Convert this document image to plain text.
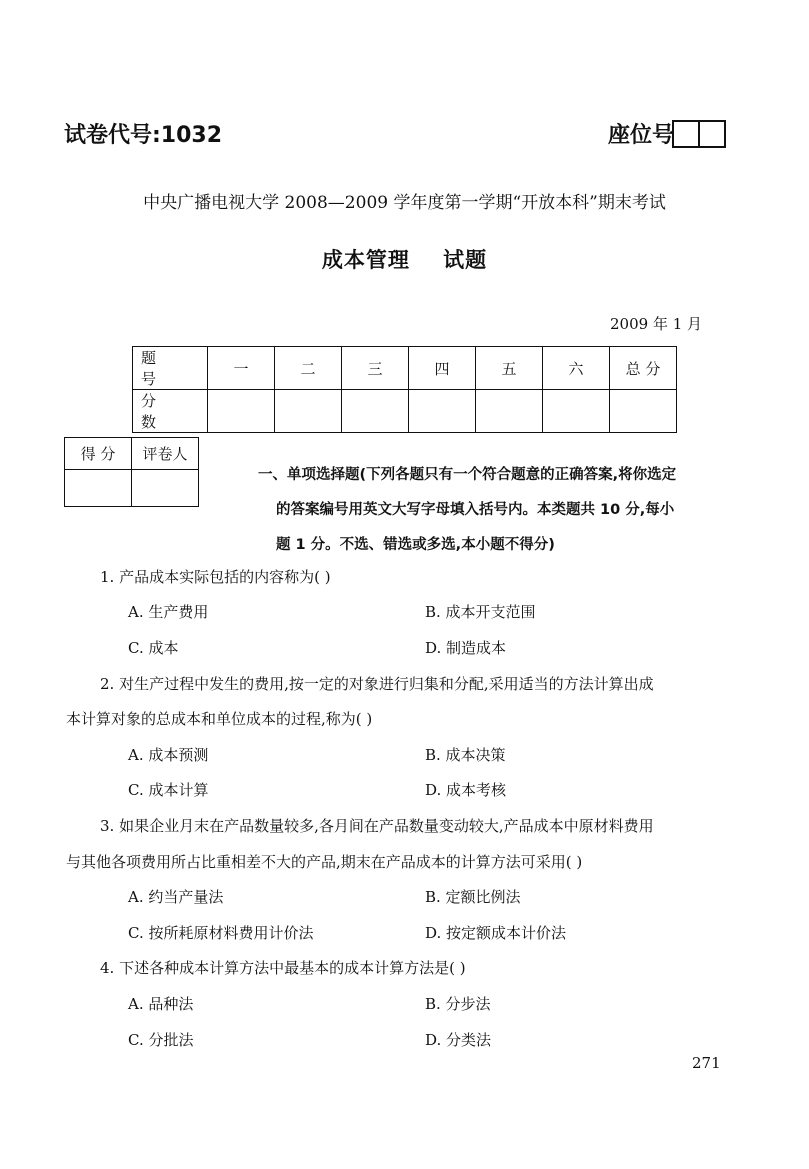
试卷代号:1032	座位号
中央广播电视大学 2008—2009 学年度第一学期“开放本科”期末考试
成本管理    试题
2009 年 1 月
题 号	一	二	三	四	五	六	总 分
分 数							
得 分	评卷人

一、单项选择题(下列各题只有一个符合题意的正确答案,将你选定
的答案编号用英文大写字母填入括号内。本类题共 10 分,每小
题 1 分。不选、错选或多选,本小题不得分)
1. 产品成本实际包括的内容称为( )
A. 生产费用	B. 成本开支范围
C. 成本	D. 制造成本
2. 对生产过程中发生的费用,按一定的对象进行归集和分配,采用适当的方法计算出成
本计算对象的总成本和单位成本的过程,称为( )
A. 成本预测	B. 成本决策
C. 成本计算	D. 成本考核
3. 如果企业月末在产品数量较多,各月间在产品数量变动较大,产品成本中原材料费用
与其他各项费用所占比重相差不大的产品,期末在产品成本的计算方法可采用( )
A. 约当产量法	B. 定额比例法
C. 按所耗原材料费用计价法	D. 按定额成本计价法
4. 下述各种成本计算方法中最基本的成本计算方法是( )
A. 品种法	B. 分步法
C. 分批法	D. 分类法
271
